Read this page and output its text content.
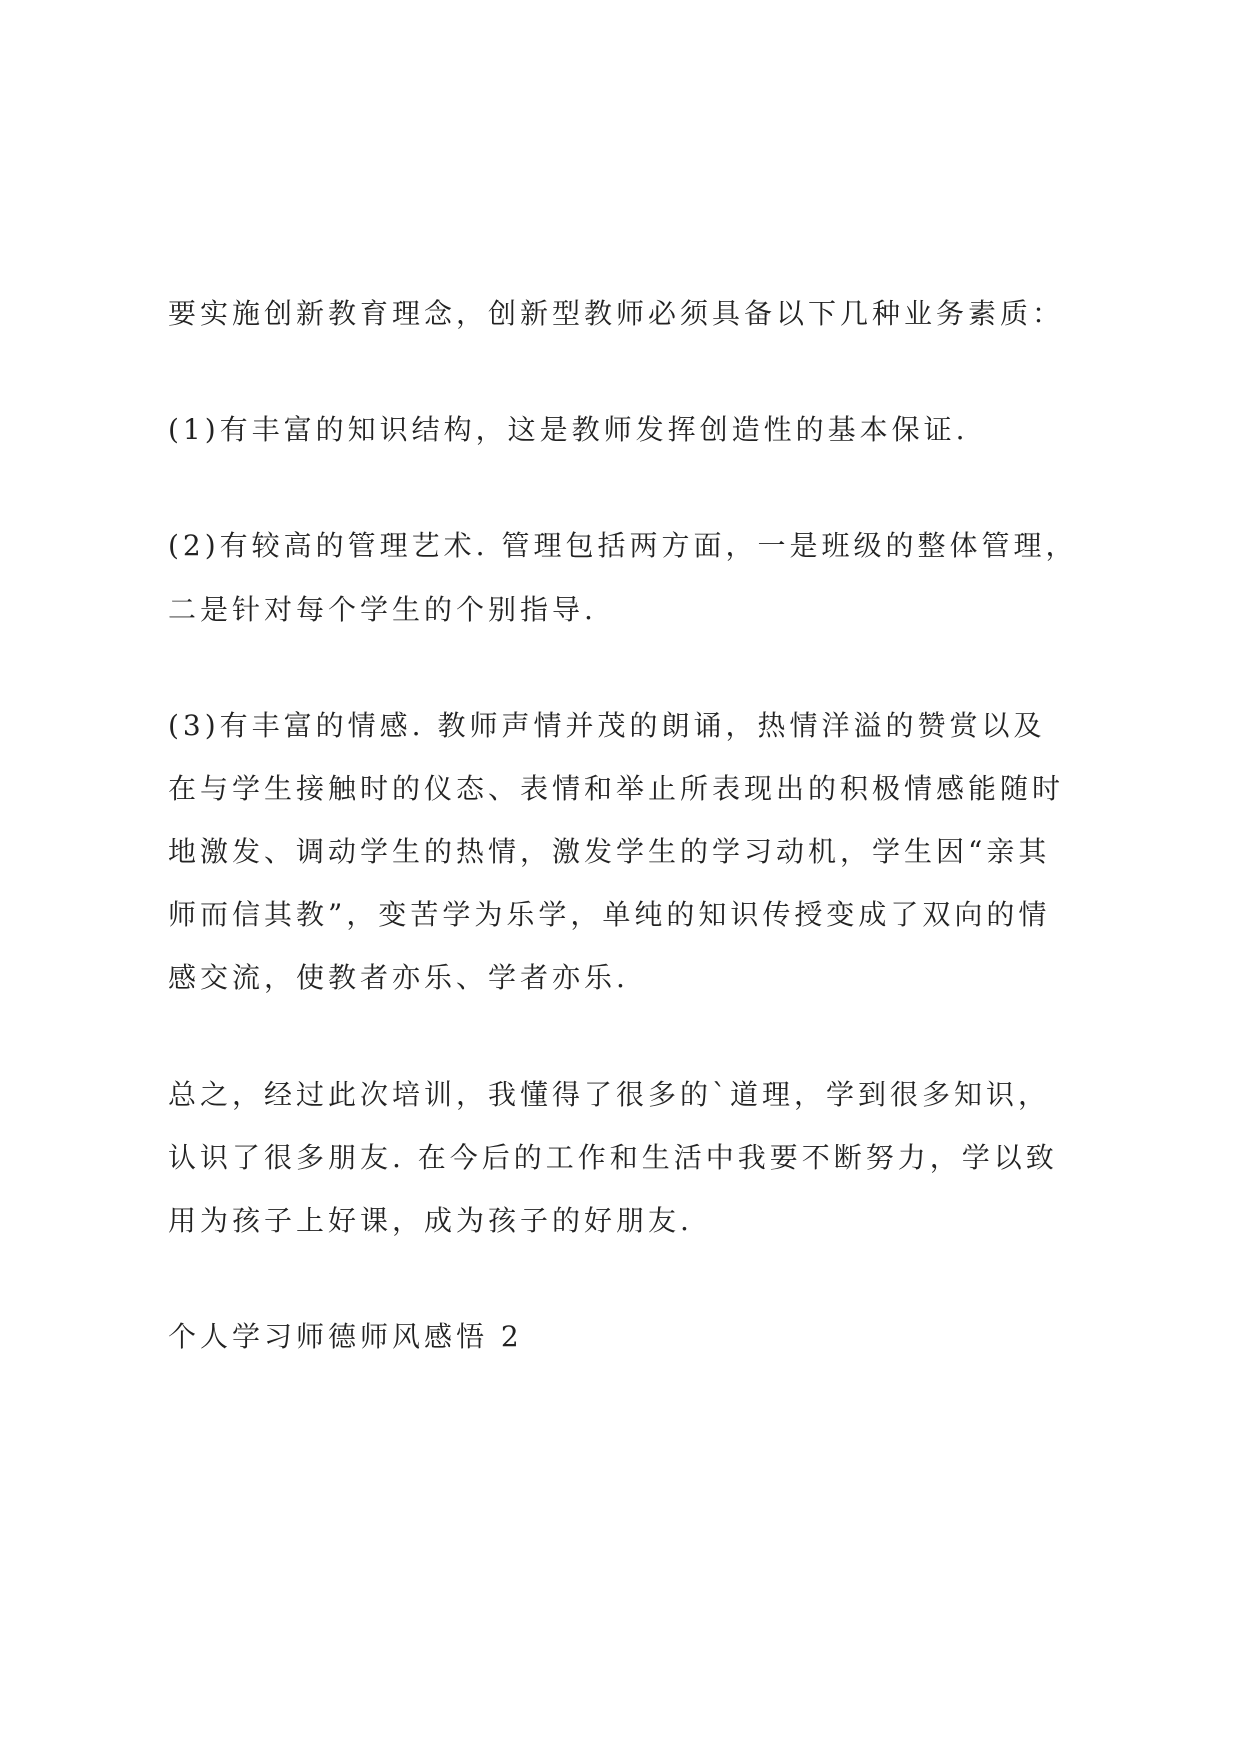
要实施创新教育理念，创新型教师必须具备以下几种业务素质：
(1)有丰富的知识结构，这是教师发挥创造性的基本保证.
(2)有较高的管理艺术. 管理包括两方面，一是班级的整体管理，
二是针对每个学生的个别指导.
(3)有丰富的情感. 教师声情并茂的朗诵，热情洋溢的赞赏以及
在与学生接触时的仪态、表情和举止所表现出的积极情感能随时
地激发、调动学生的热情，激发学生的学习动机，学生因“亲其
师而信其教”，变苦学为乐学，单纯的知识传授变成了双向的情
感交流，使教者亦乐、学者亦乐.
总之，经过此次培训，我懂得了很多的`道理，学到很多知识，
认识了很多朋友. 在今后的工作和生活中我要不断努力，学以致
用为孩子上好课，成为孩子的好朋友.
个人学习师德师风感悟 2
